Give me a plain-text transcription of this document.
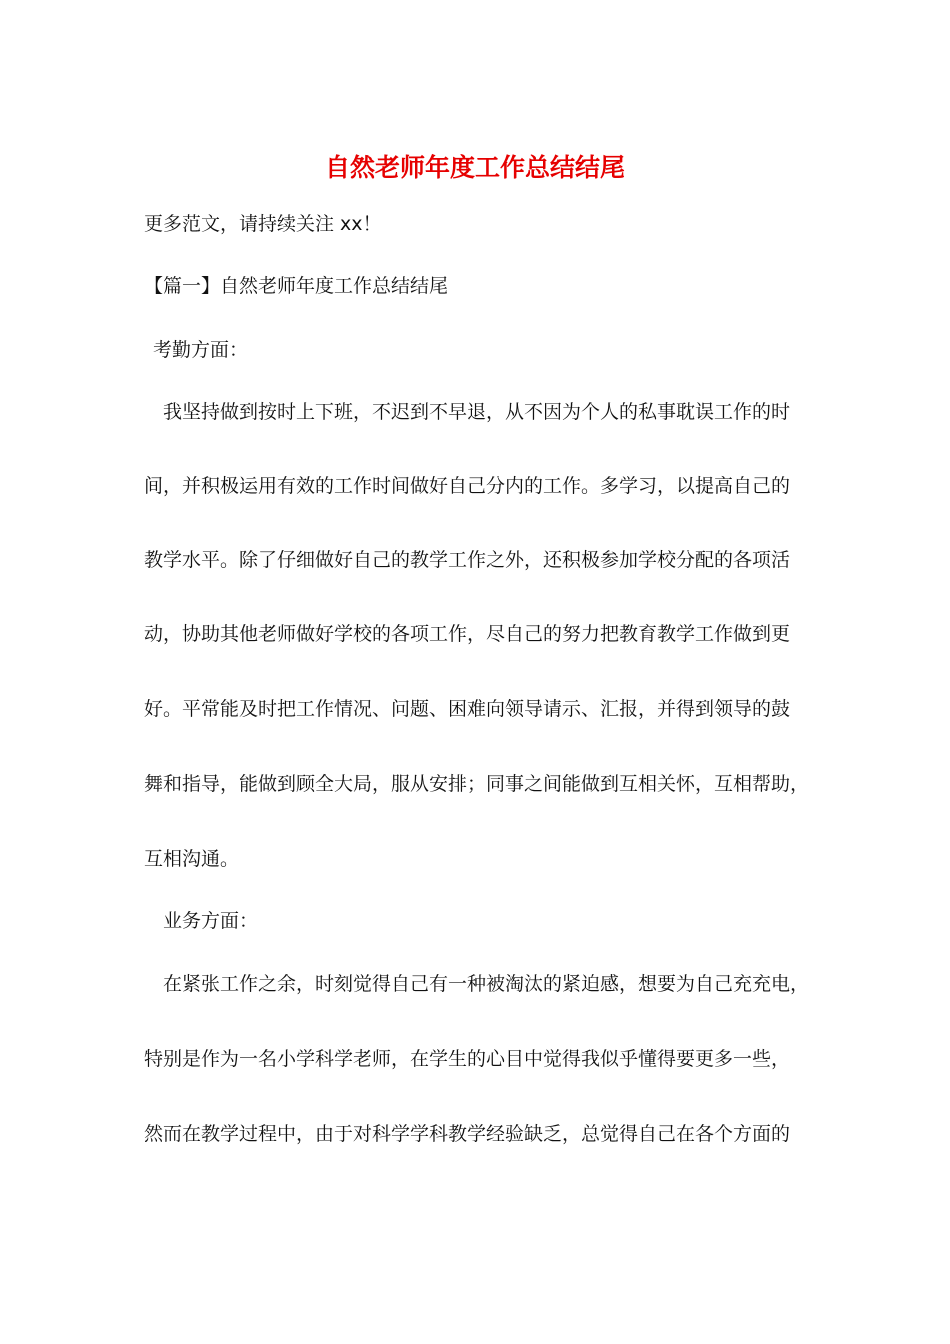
自然老师年度工作总结结尾
更多范文，请持续关注 xx！
【篇一】自然老师年度工作总结结尾
考勤方面：
我坚持做到按时上下班，不迟到不早退，从不因为个人的私事耽误工作的时
间，并积极运用有效的工作时间做好自己分内的工作。多学习，以提高自己的
教学水平。除了仔细做好自己的教学工作之外，还积极参加学校分配的各项活
动，协助其他老师做好学校的各项工作，尽自己的努力把教育教学工作做到更
好。平常能及时把工作情况、问题、困难向领导请示、汇报，并得到领导的鼓
舞和指导，能做到顾全大局，服从安排；同事之间能做到互相关怀，互相帮助，
互相沟通。
业务方面：
在紧张工作之余，时刻觉得自己有一种被淘汰的紧迫感，想要为自己充充电，
特别是作为一名小学科学老师，在学生的心目中觉得我似乎懂得要更多一些，
然而在教学过程中，由于对科学学科教学经验缺乏，总觉得自己在各个方面的
